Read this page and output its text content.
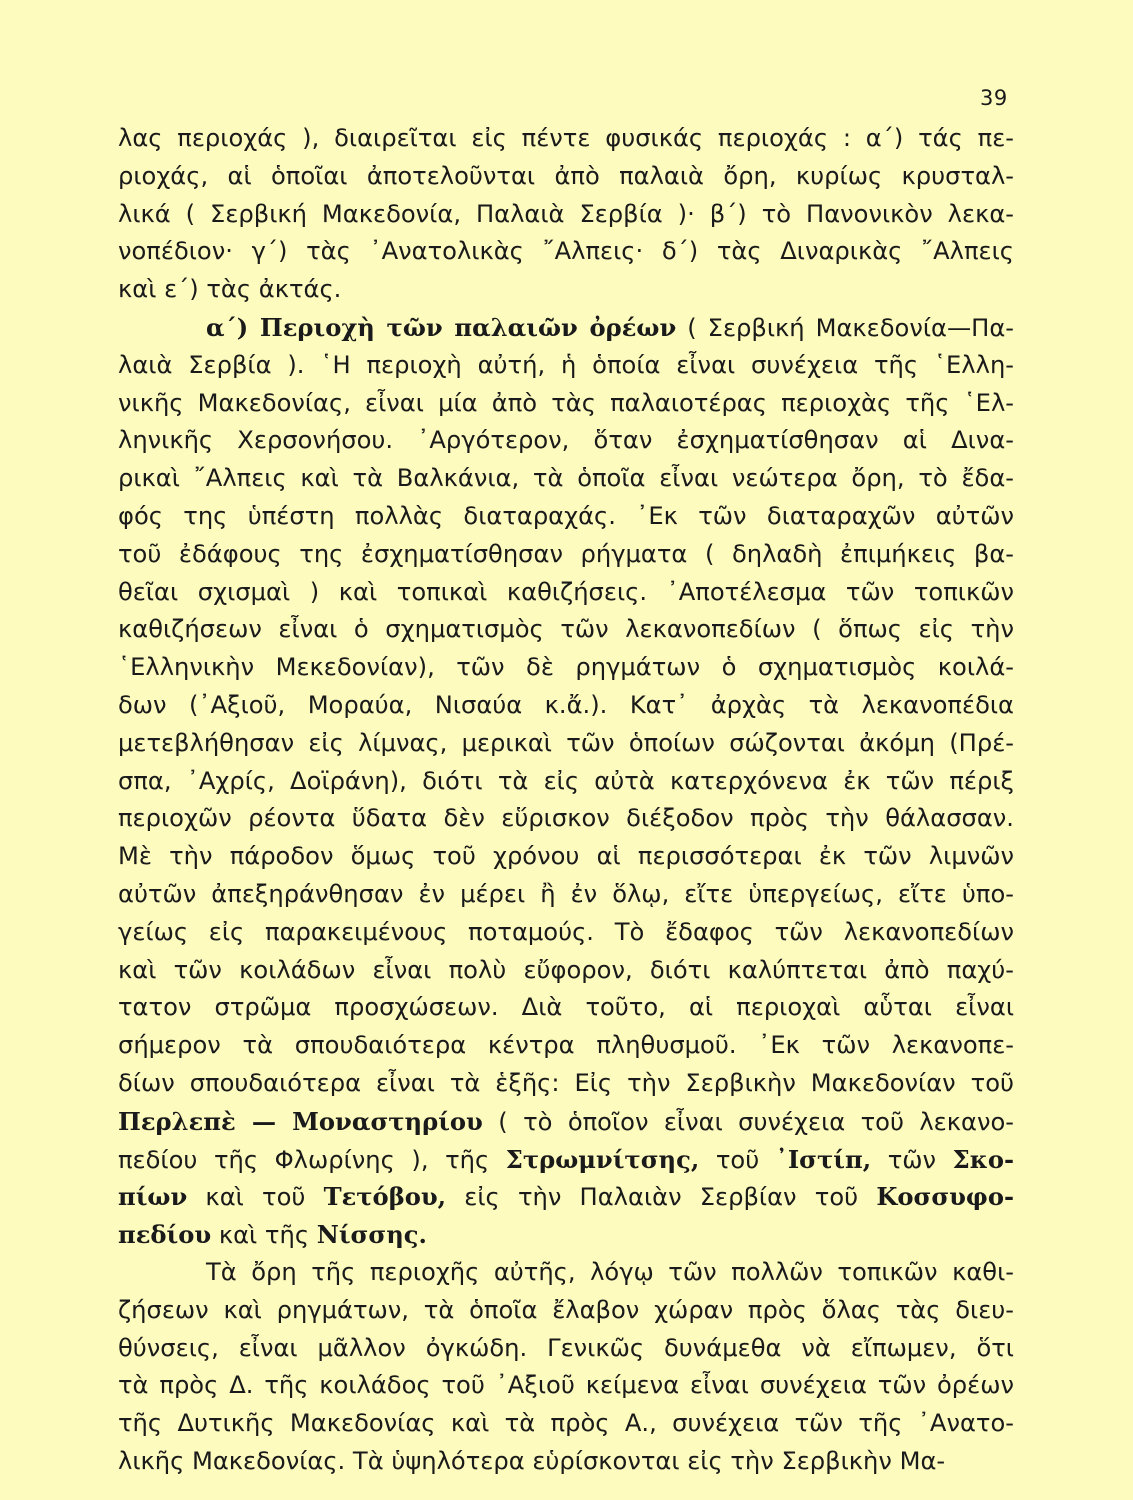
39
λας περιοχάς ), διαιρεῖται εἰς πέντε φυσικάς περιοχάς : α΄) τάς πε-
ριοχάς, αἱ ὁποῖαι ἀποτελοῦνται ἀπὸ παλαιὰ ὄρη, κυρίως κρυσταλ-
λικά ( Σερβική Μακεδονία, Παλαιὰ Σερβία )· β΄) τὸ Πανονικὸν λεκα-
νοπέδιον· γ΄) τὰς ᾿Ανατολικὰς ῎Αλπεις· δ΄) τὰς Διναρικὰς ῎Αλπεις
καὶ ε΄) τὰς ἀκτάς.
α΄) Περιοχὴ τῶν παλαιῶν ὀρέων ( Σερβική Μακεδονία—Πα-
λαιὰ Σερβία ). ῾Η περιοχὴ αὐτή, ἡ ὁποία εἶναι συνέχεια τῆς ῾Ελλη-
νικῆς Μακεδονίας, εἶναι μία ἀπὸ τὰς παλαιοτέρας περιοχὰς τῆς ῾Ελ-
ληνικῆς Χερσονήσου. ᾿Αργότερον, ὅταν ἐσχηματίσθησαν αἱ Δινα-
ρικαὶ ῎Αλπεις καὶ τὰ Βαλκάνια, τὰ ὁποῖα εἶναι νεώτερα ὄρη, τὸ ἔδα-
φός της ὑπέστη πολλὰς διαταραχάς. ᾿Εκ τῶν διαταραχῶν αὐτῶν
τοῦ ἐδάφους της ἐσχηματίσθησαν ρήγματα ( δηλαδὴ ἐπιμήκεις βα-
θεῖαι σχισμαὶ ) καὶ τοπικαὶ καθιζήσεις. ᾿Αποτέλεσμα τῶν τοπικῶν
καθιζήσεων εἶναι ὁ σχηματισμὸς τῶν λεκανοπεδίων ( ὅπως εἰς τὴν
῾Ελληνικὴν Μεκεδονίαν), τῶν δὲ ρηγμάτων ὁ σχηματισμὸς κοιλά-
δων (᾿Αξιοῦ, Μοραύα, Νισαύα κ.ἄ.). Κατ᾿ ἀρχὰς τὰ λεκανοπέδια
μετεβλήθησαν εἰς λίμνας, μερικαὶ τῶν ὁποίων σώζονται ἀκόμη (Πρέ-
σπα, ᾿Αχρίς, Δοϊράνη), διότι τὰ εἰς αὐτὰ κατερχόνενα ἐκ τῶν πέριξ
περιοχῶν ρέοντα ὕδατα δὲν εὕρισκον διέξοδον πρὸς τὴν θάλασσαν.
Μὲ τὴν πάροδον ὅμως τοῦ χρόνου αἱ περισσότεραι ἐκ τῶν λιμνῶν
αὐτῶν ἀπεξηράνθησαν ἐν μέρει ἢ ἐν ὅλῳ, εἴτε ὑπεργείως, εἴτε ὑπο-
γείως εἰς παρακειμένους ποταμούς. Τὸ ἔδαφος τῶν λεκανοπεδίων
καὶ τῶν κοιλάδων εἶναι πολὺ εὔφορον, διότι καλύπτεται ἀπὸ παχύ-
τατον στρῶμα προσχώσεων. Διὰ τοῦτο, αἱ περιοχαὶ αὗται εἶναι
σήμερον τὰ σπουδαιότερα κέντρα πληθυσμοῦ. ᾿Εκ τῶν λεκανοπε-
δίων σπουδαιότερα εἶναι τὰ ἑξῆς: Εἰς τὴν Σερβικὴν Μακεδονίαν τοῦ
Περλεπὲ — Μοναστηρίου ( τὸ ὁποῖον εἶναι συνέχεια τοῦ λεκανο-
πεδίου τῆς Φλωρίνης ), τῆς Στρωμνίτσης, τοῦ ᾿Ιστίπ, τῶν Σκο-
πίων καὶ τοῦ Τετόβου, εἰς τὴν Παλαιὰν Σερβίαν τοῦ Κοσσυφο-
πεδίου καὶ τῆς Νίσσης.
Τὰ ὄρη τῆς περιοχῆς αὐτῆς, λόγῳ τῶν πολλῶν τοπικῶν καθι-
ζήσεων καὶ ρηγμάτων, τὰ ὁποῖα ἔλαβον χώραν πρὸς ὅλας τὰς διευ-
θύνσεις, εἶναι μᾶλλον ὀγκώδη. Γενικῶς δυνάμεθα νὰ εἴπωμεν, ὅτι
τὰ πρὸς Δ. τῆς κοιλάδος τοῦ ᾿Αξιοῦ κείμενα εἶναι συνέχεια τῶν ὀρέων
τῆς Δυτικῆς Μακεδονίας καὶ τὰ πρὸς Α., συνέχεια τῶν τῆς ᾿Ανατο-
λικῆς Μακεδονίας. Τὰ ὑψηλότερα εὑρίσκονται εἰς τὴν Σερβικὴν Μα-
